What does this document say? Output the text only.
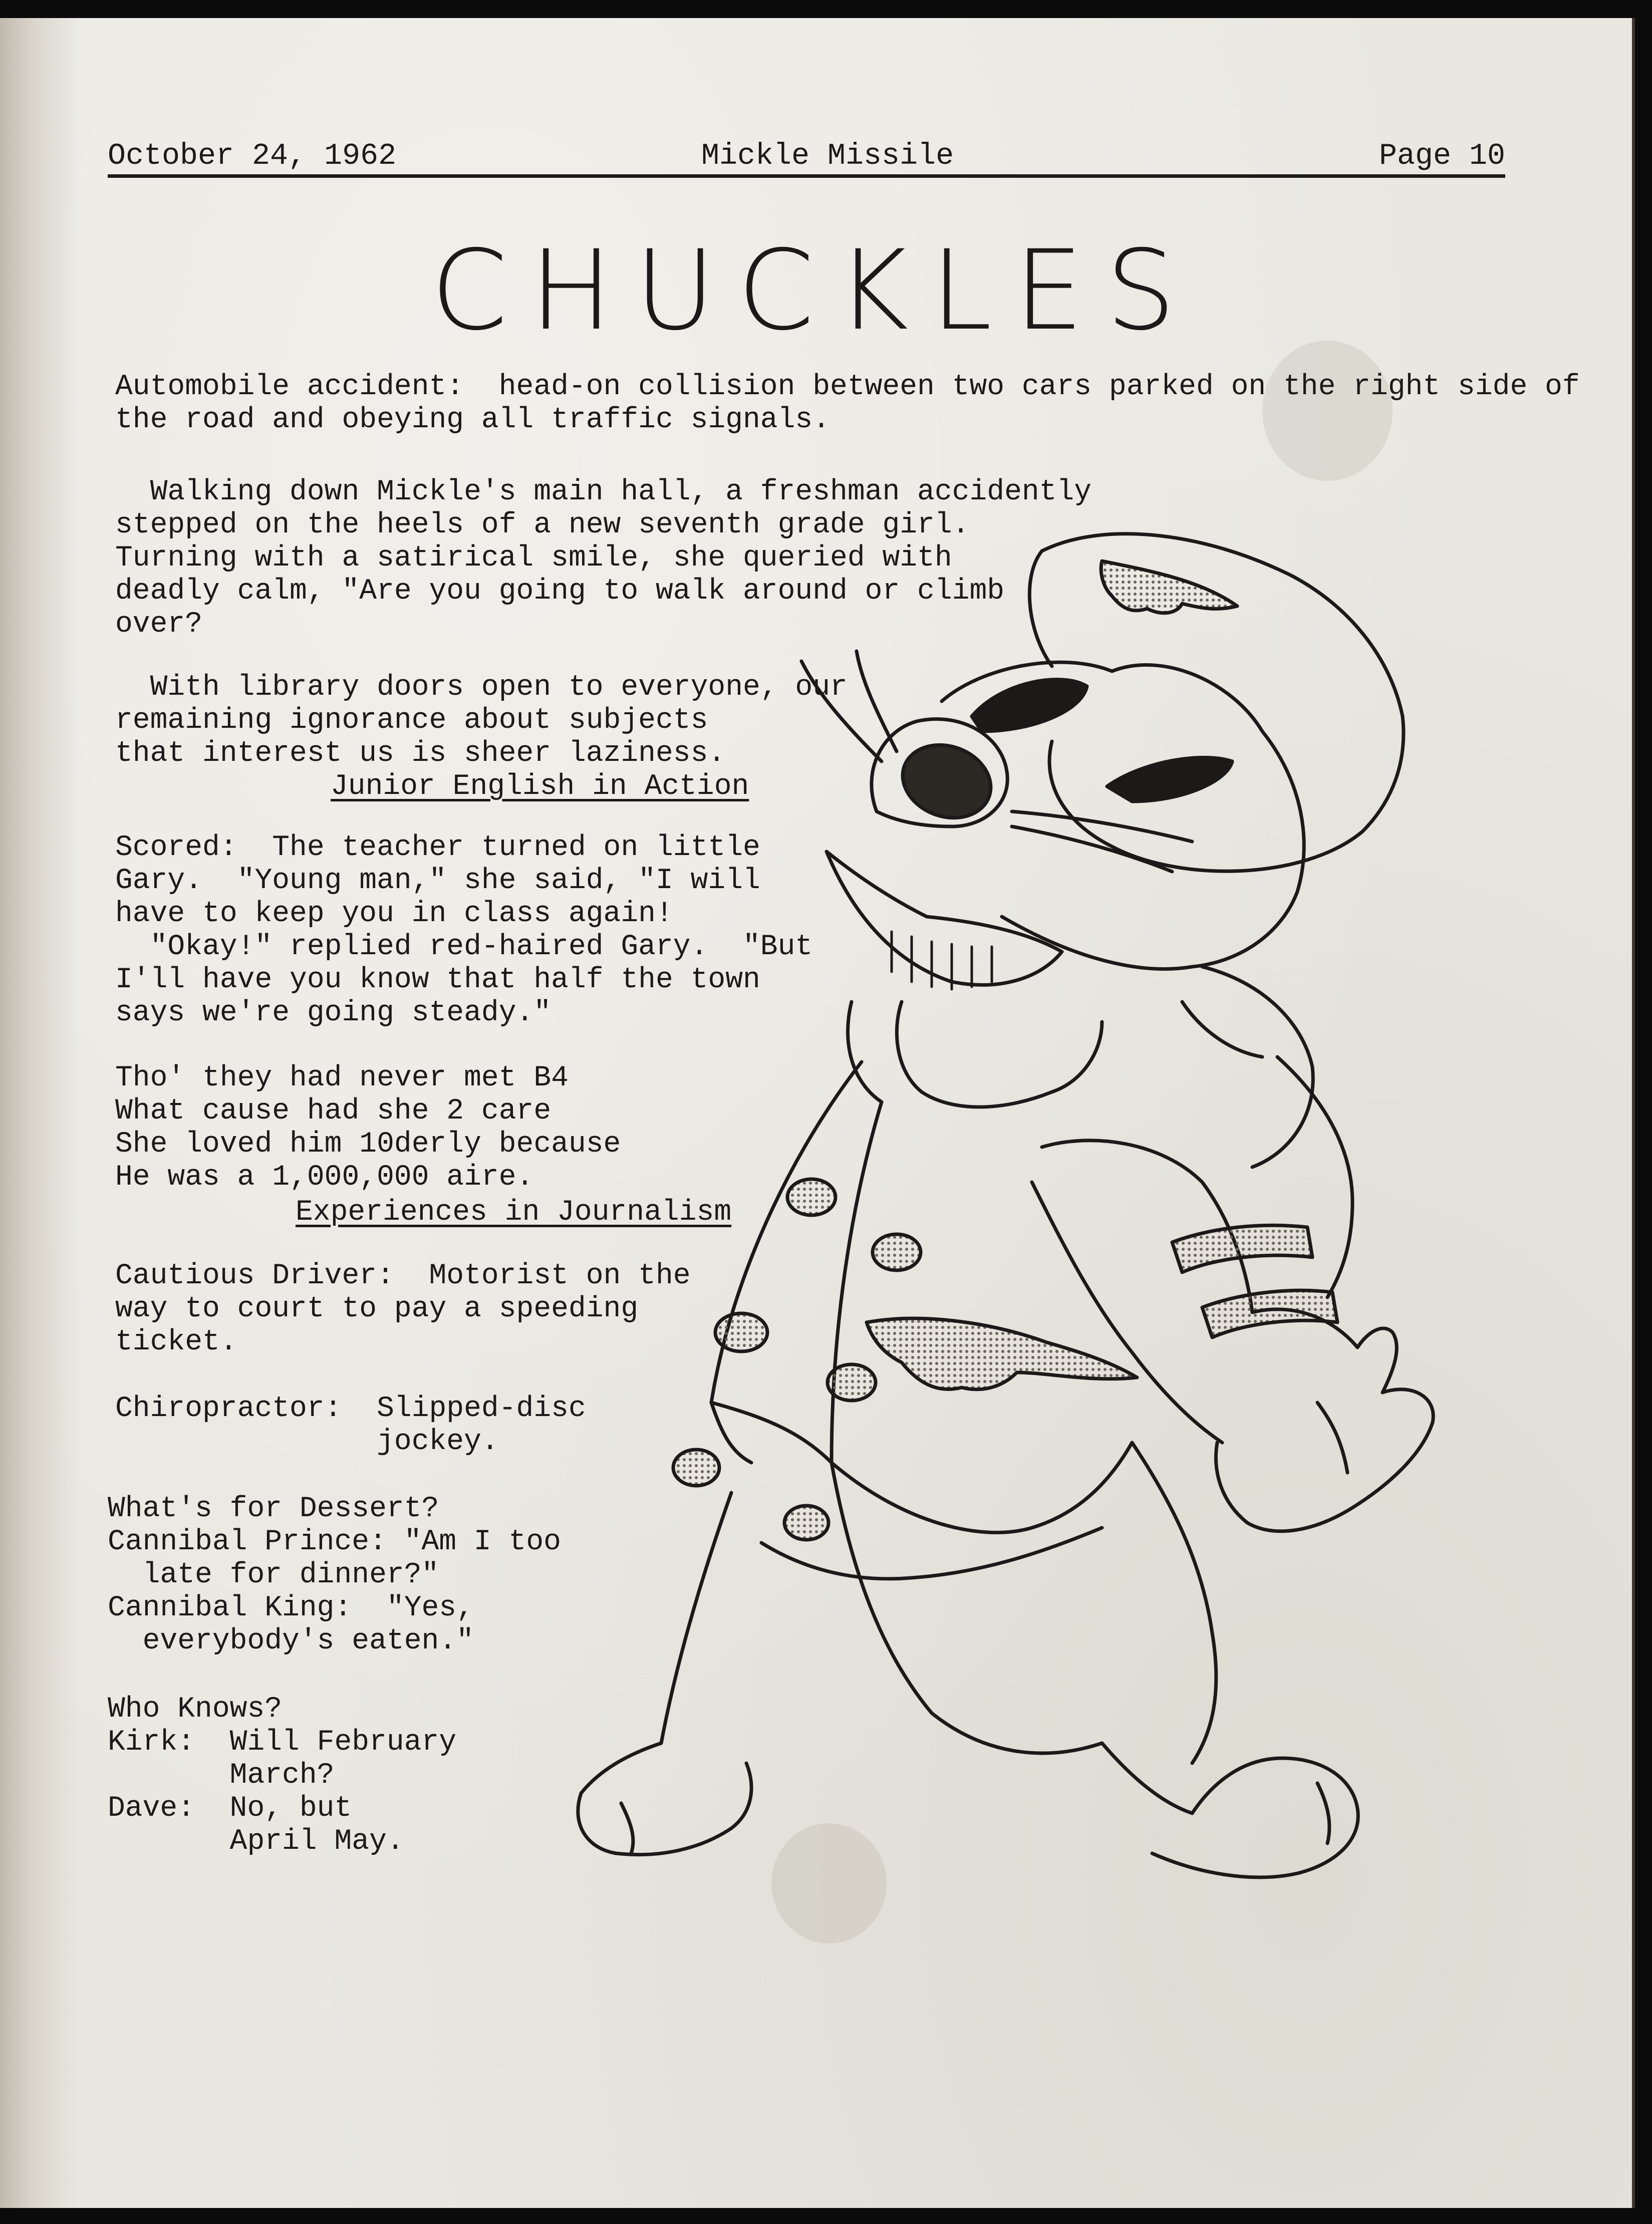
October 24, 1962	Mickle Missile	Page 10
CHUCKLES
Automobile accident:  head-on collision between two cars parked on the right side of
the road and obeying all traffic signals.
Walking down Mickle's main hall, a freshman accidently
stepped on the heels of a new seventh grade girl.
Turning with a satirical smile, she queried with
deadly calm, "Are you going to walk around or climb
over?
With library doors open to everyone, our
remaining ignorance about subjects
that interest us is sheer laziness.
Junior English in Action
Scored:  The teacher turned on little
Gary.  "Young man," she said, "I will
have to keep you in class again!
"Okay!" replied red-haired Gary.  "But
I'll have you know that half the town
says we're going steady."
Tho' they had never met B4
What cause had she 2 care
She loved him 10derly because
He was a 1,000,000 aire.
Experiences in Journalism
Cautious Driver:  Motorist on the
way to court to pay a speeding
ticket.
Chiropractor:  Slipped-disc
jockey.
What's for Dessert?
Cannibal Prince: "Am I too
late for dinner?"
Cannibal King:  "Yes,
everybody's eaten."
Who Knows?
Kirk:  Will February
March?
Dave:  No, but
April May.
